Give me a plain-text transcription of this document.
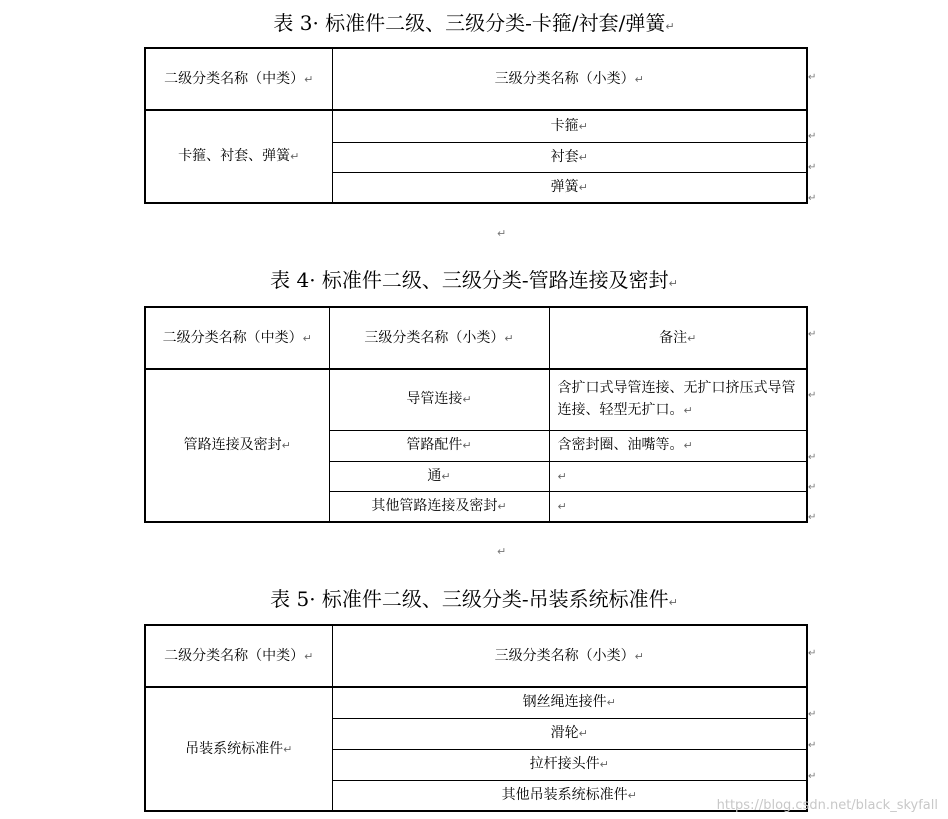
表 3· 标准件二级、三级分类-卡箍/衬套/弹簧↵
二级分类名称（中类）↵	三级分类名称（小类）↵
卡箍、衬套、弹簧↵	卡箍↵
	衬套↵
	弹簧↵
↵
表 4· 标准件二级、三级分类-管路连接及密封↵
二级分类名称（中类）↵	三级分类名称（小类）↵	备注↵
管路连接及密封↵	导管连接↵	含扩口式导管连接、无扩口挤压式导管连接、轻型无扩口。↵
	管路配件↵	含密封圈、油嘴等。↵
	通↵	↵
	其他管路连接及密封↵	↵
↵
表 5· 标准件二级、三级分类-吊装系统标准件↵
二级分类名称（中类）↵	三级分类名称（小类）↵
吊装系统标准件↵	钢丝绳连接件↵
	滑轮↵
	拉杆接头件↵
	其他吊装系统标准件↵
↵
↵
↵
↵
↵
↵
↵
↵
↵
↵
↵
↵
↵
https://blog.csdn.net/black_skyfall
